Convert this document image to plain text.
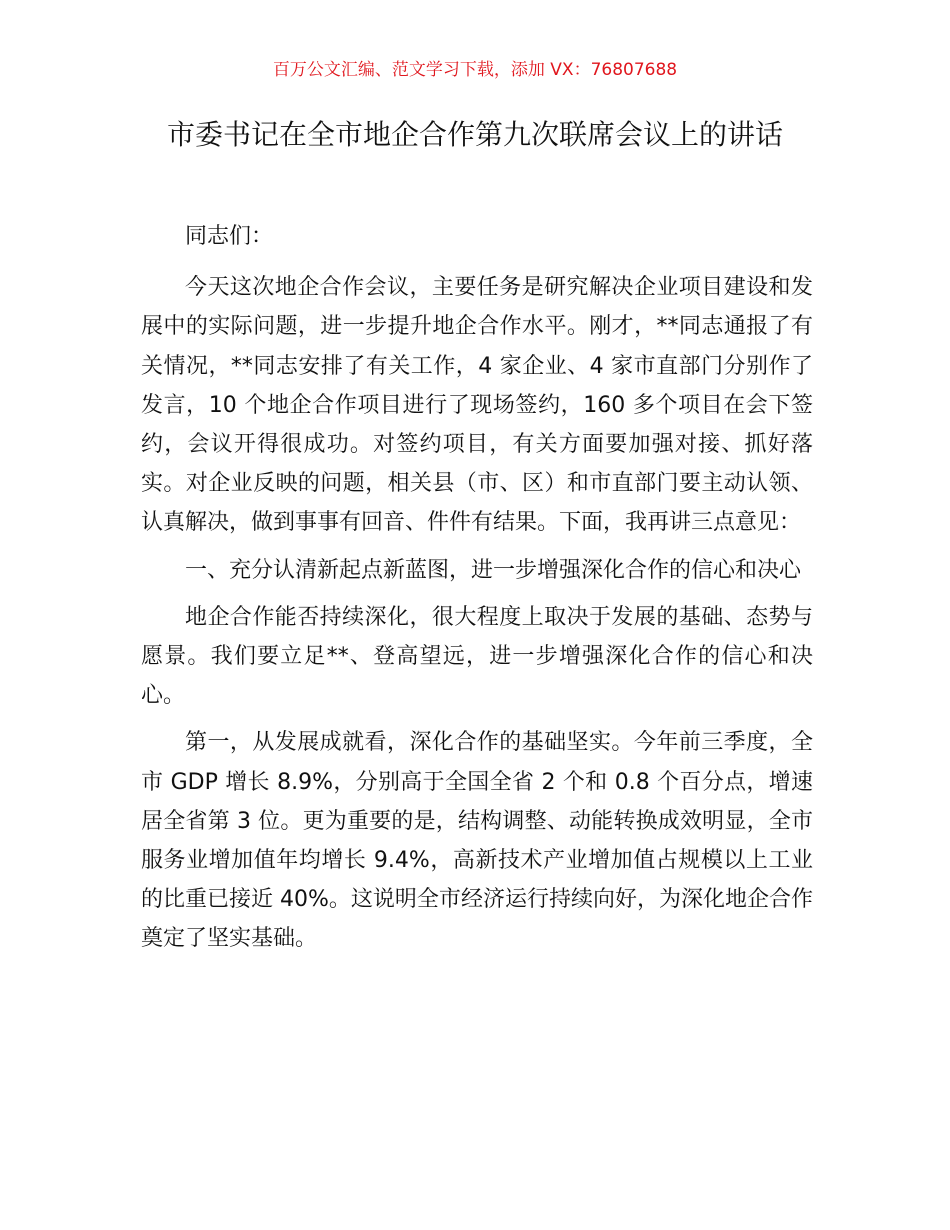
百万公文汇编、范文学习下载，添加 VX：76807688
市委书记在全市地企合作第九次联席会议上的讲话

同志们：

今天这次地企合作会议，主要任务是研究解决企业项目建设和发展中的实际问题，进一步提升地企合作水平。刚才，**同志通报了有关情况，**同志安排了有关工作，4 家企业、4 家市直部门分别作了发言，10 个地企合作项目进行了现场签约，160 多个项目在会下签约，会议开得很成功。对签约项目，有关方面要加强对接、抓好落实。对企业反映的问题，相关县（市、区）和市直部门要主动认领、认真解决，做到事事有回音、件件有结果。下面，我再讲三点意见：

一、充分认清新起点新蓝图，进一步增强深化合作的信心和决心

地企合作能否持续深化，很大程度上取决于发展的基础、态势与愿景。我们要立足**、登高望远，进一步增强深化合作的信心和决心。

第一，从发展成就看，深化合作的基础坚实。今年前三季度，全市 GDP 增长 8.9%，分别高于全国全省 2 个和 0.8 个百分点，增速居全省第 3 位。更为重要的是，结构调整、动能转换成效明显，全市服务业增加值年均增长 9.4%，高新技术产业增加值占规模以上工业的比重已接近 40%。这说明全市经济运行持续向好，为深化地企合作奠定了坚实基础。
